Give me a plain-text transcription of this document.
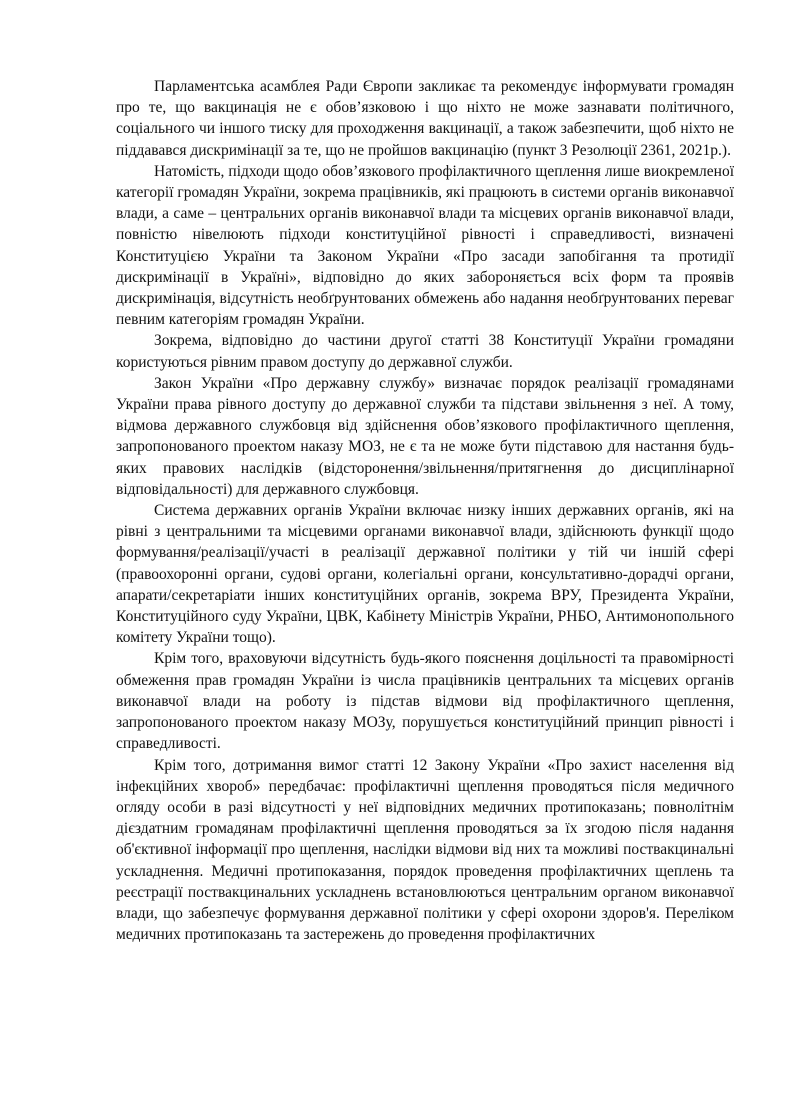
Парламентська асамблея Ради Європи закликає та рекомендує інформувати громадян про те, що вакцинація не є обовʼязковою і що ніхто не може зазнавати політичного, соціального чи іншого тиску для проходження вакцинації, а також забезпечити, щоб ніхто не піддавався дискримінації за те, що не пройшов вакцинацію (пункт 3 Резолюції 2361, 2021р.).

Натомість, підходи щодо обовʼязкового профілактичного щеплення лише виокремленої категорії громадян України, зокрема працівників, які працюють в системи органів виконавчої влади, а саме – центральних органів виконавчої влади та місцевих органів виконавчої влади, повністю нівелюють підходи конституційної рівності і справедливості, визначені Конституцією України та Законом України «Про засади запобігання та протидії дискримінації в Україні», відповідно до яких забороняється всіх форм та проявів дискримінація, відсутність необґрунтованих обмежень або надання необґрунтованих переваг певним категоріям громадян України.

Зокрема, відповідно до частини другої статті 38 Конституції України громадяни користуються рівним правом доступу до державної служби.

Закон України «Про державну службу» визначає порядок реалізації громадянами України права рівного доступу до державної служби та підстави звільнення з неї. А тому, відмова державного службовця від здійснення обовʼязкового профілактичного щеплення, запропонованого проектом наказу МОЗ, не є та не може бути підставою для настання будь-яких правових наслідків (відсторонення/звільнення/притягнення до дисциплінарної відповідальності) для державного службовця.

Система державних органів України включає низку інших державних органів, які на рівні з центральними та місцевими органами виконавчої влади, здійснюють функції щодо формування/реалізації/участі в реалізації державної політики у тій чи іншій сфері (правоохоронні органи, судові органи, колегіальні органи, консультативно-дорадчі органи, апарати/секретаріати інших конституційних органів, зокрема ВРУ, Президента України, Конституційного суду України, ЦВК, Кабінету Міністрів України, РНБО, Антимонопольного комітету України тощо).

Крім того, враховуючи відсутність будь-якого пояснення доцільності та правомірності обмеження прав громадян України із числа працівників центральних та місцевих органів виконавчої влади на роботу із підстав відмови від профілактичного щеплення, запропонованого проектом наказу МОЗу, порушується конституційний принцип рівності і справедливості.

Крім того, дотримання вимог статті 12 Закону України «Про захист населення від інфекційних хвороб» передбачає: профілактичні щеплення проводяться після медичного огляду особи в разі відсутності у неї відповідних медичних протипоказань; повнолітнім дієздатним громадянам профілактичні щеплення проводяться за їх згодою після надання об'єктивної інформації про щеплення, наслідки відмови від них та можливі поствакцинальні ускладнення. Медичні протипоказання, порядок проведення профілактичних щеплень та реєстрації поствакцинальних ускладнень встановлюються центральним органом виконавчої влади, що забезпечує формування державної політики у сфері охорони здоров'я. Переліком медичних протипоказань та застережень до проведення профілактичних
